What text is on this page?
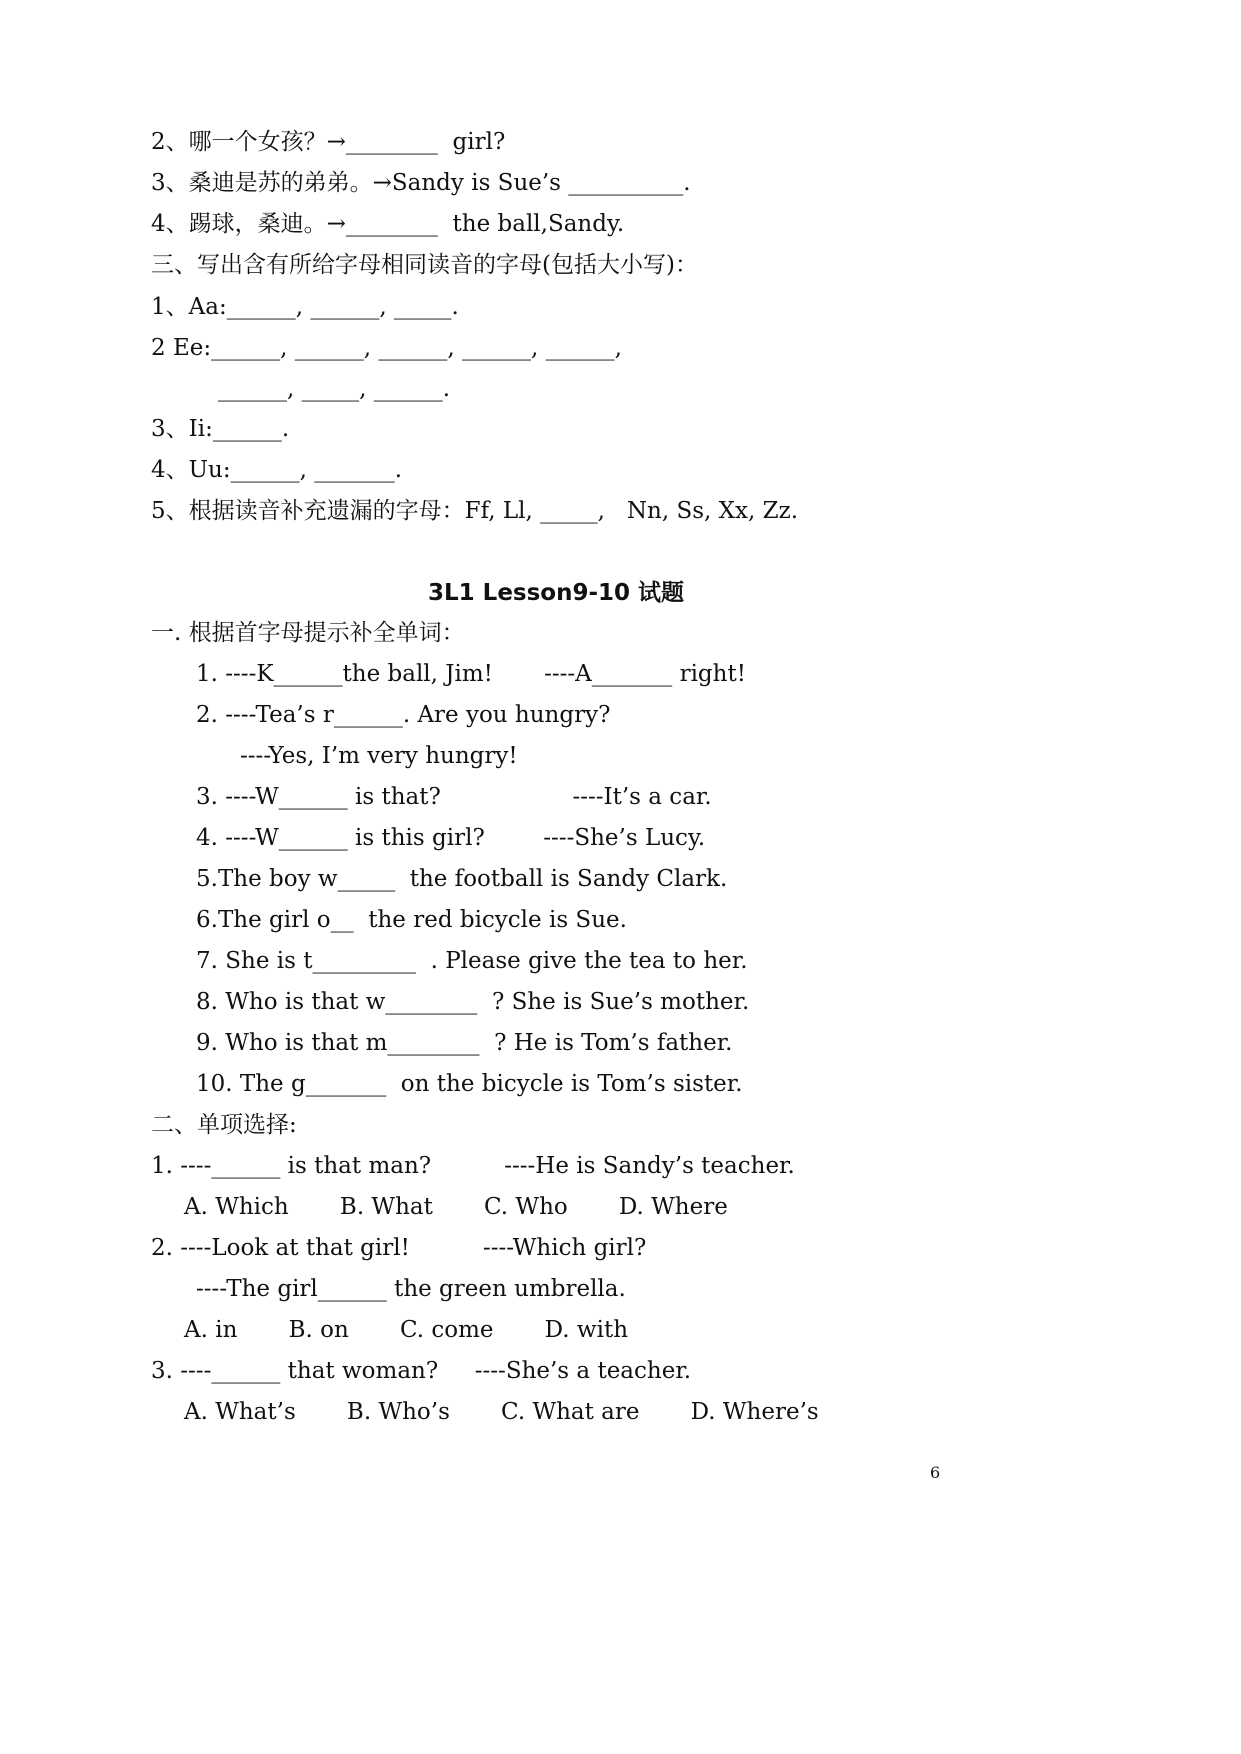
2、哪一个女孩？→________  girl?
3、桑迪是苏的弟弟。→Sandy is Sue’s __________.
4、踢球，桑迪。→________  the ball,Sandy.
三、写出含有所给字母相同读音的字母(包括大小写)：
1、Aa:______, ______, _____.
2 Ee:______, ______, ______, ______, ______,
______, _____, ______.
3、Ii:______.
4、Uu:______, _______.
5、根据读音补充遗漏的字母：Ff, Ll, _____,   Nn, Ss, Xx, Zz.
3L1 Lesson9-10 试题
一. 根据首字母提示补全单词：
1. ----K______the ball, Jim!       ----A_______ right!
2. ----Tea’s r______. Are you hungry?
----Yes, I’m very hungry!
3. ----W______ is that?                  ----It’s a car.
4. ----W______ is this girl?        ----She’s Lucy.
5.The boy w_____  the football is Sandy Clark.
6.The girl o__  the red bicycle is Sue.
7. She is t_________  . Please give the tea to her.
8. Who is that w________  ? She is Sue’s mother.
9. Who is that m________  ? He is Tom’s father.
10. The g_______  on the bicycle is Tom’s sister.
二、单项选择:
1. ----______ is that man?          ----He is Sandy’s teacher.
A. Which       B. What       C. Who       D. Where
2. ----Look at that girl!          ----Which girl?
----The girl______ the green umbrella.
A. in       B. on       C. come       D. with
3. ----______ that woman?     ----She’s a teacher.
A. What’s       B. Who’s       C. What are       D. Where’s
6
